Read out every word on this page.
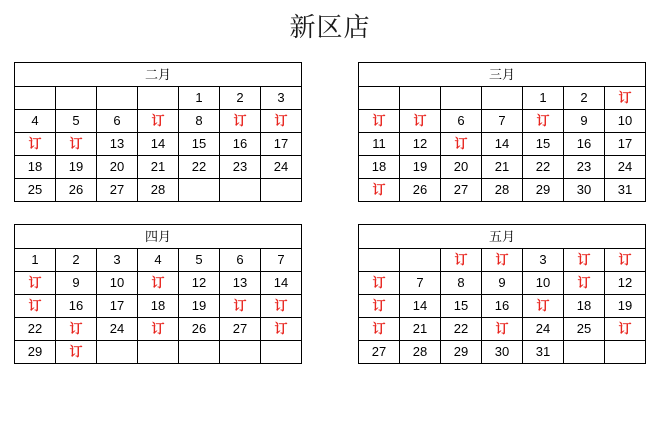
新区店
二月						
				1	2	3
4	5	6	订	8	订	订
订	订	13	14	15	16	17
18	19	20	21	22	23	24
25	26	27	28			
三月						
				1	2	订
订	订	6	7	订	9	10
11	12	订	14	15	16	17
18	19	20	21	22	23	24
订	26	27	28	29	30	31
四月						
1	2	3	4	5	6	7
订	9	10	订	12	13	14
订	16	17	18	19	订	订
22	订	24	订	26	27	订
29	订					
五月						
		订	订	3	订	订
订	7	8	9	10	订	12
订	14	15	16	订	18	19
订	21	22	订	24	25	订
27	28	29	30	31		
